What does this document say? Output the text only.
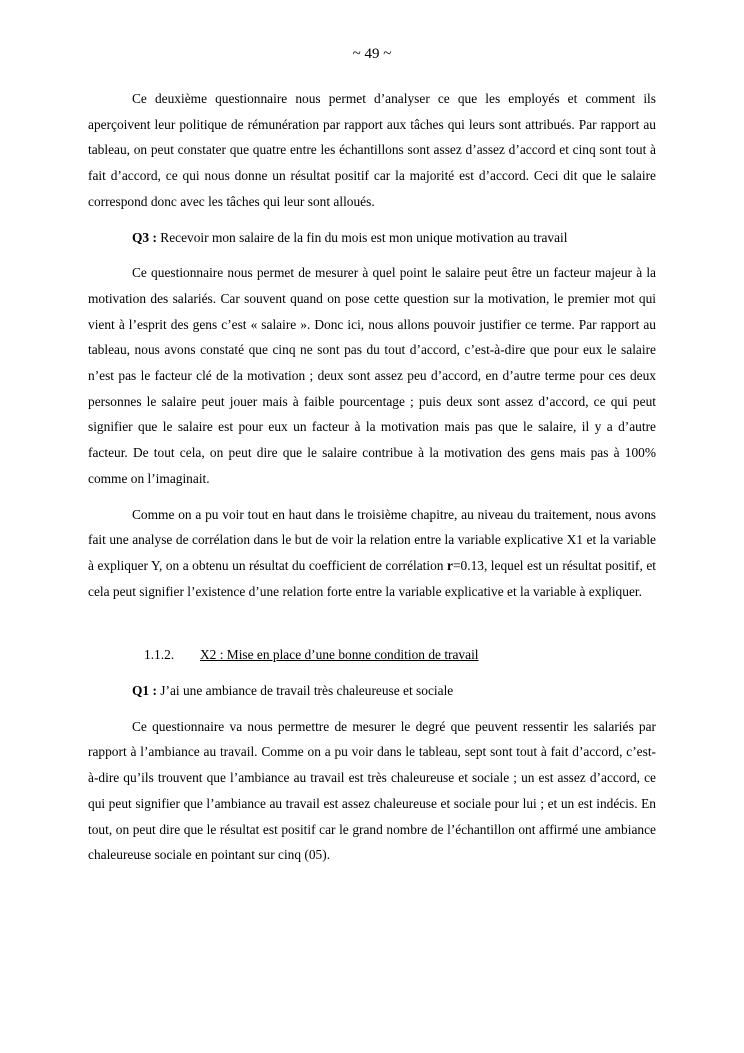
~ 49 ~

Ce deuxième questionnaire nous permet d’analyser ce que les employés et comment ils aperçoivent leur politique de rémunération par rapport aux tâches qui leurs sont attribués. Par rapport au tableau, on peut constater que quatre entre les échantillons sont assez d’assez d’accord et cinq sont tout à fait d’accord, ce qui nous donne un résultat positif car la majorité est d’accord. Ceci dit que le salaire correspond donc avec les tâches qui leur sont alloués.

Q3 : Recevoir mon salaire de la fin du mois est mon unique motivation au travail

Ce questionnaire nous permet de mesurer à quel point le salaire peut être un facteur majeur à la motivation des salariés. Car souvent quand on pose cette question sur la motivation, le premier mot qui vient à l’esprit des gens c’est « salaire ». Donc ici, nous allons pouvoir justifier ce terme. Par rapport au tableau, nous avons constaté que cinq ne sont pas du tout d’accord, c’est-à-dire que pour eux le salaire n’est pas le facteur clé de la motivation ; deux sont assez peu d’accord, en d’autre terme pour ces deux personnes le salaire peut jouer mais à faible pourcentage ; puis deux sont assez d’accord, ce qui peut signifier que le salaire est pour eux un facteur à la motivation mais pas que le salaire, il y a d’autre facteur. De tout cela, on peut dire que le salaire contribue à la motivation des gens mais pas à 100% comme on l’imaginait.

Comme on a pu voir tout en haut dans le troisième chapitre, au niveau du traitement, nous avons fait une analyse de corrélation dans le but de voir la relation entre la variable explicative X1 et la variable à expliquer Y, on a obtenu un résultat du coefficient de corrélation r=0.13, lequel est un résultat positif, et cela peut signifier l’existence d’une relation forte entre la variable explicative et la variable à expliquer.

1.1.2. X2 : Mise en place d’une bonne condition de travail

Q1 : J’ai une ambiance de travail très chaleureuse et sociale

Ce questionnaire va nous permettre de mesurer le degré que peuvent ressentir les salariés par rapport à l’ambiance au travail. Comme on a pu voir dans le tableau, sept sont tout à fait d’accord, c’est-à-dire qu’ils trouvent que l’ambiance au travail est très chaleureuse et sociale ; un est assez d’accord, ce qui peut signifier que l’ambiance au travail est assez chaleureuse et sociale pour lui ; et un est indécis. En tout, on peut dire que le résultat est positif car le grand nombre de l’échantillon ont affirmé une ambiance chaleureuse sociale en pointant sur cinq (05).
